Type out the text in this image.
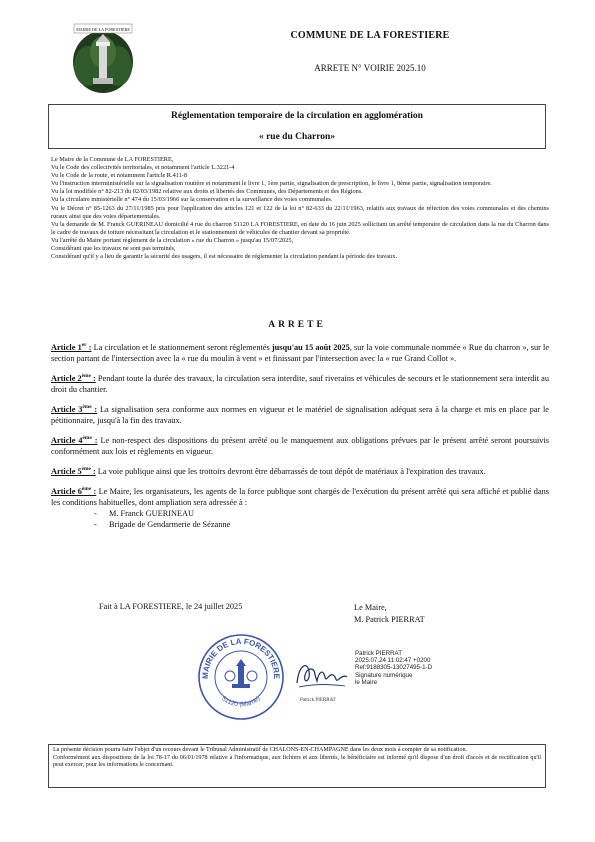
MAIRIE DE LA FORESTIERE
COMMUNE DE LA FORESTIERE
ARRETE N° VOIRIE 2025.10
Réglementation temporaire de la circulation en agglomération
« rue du Charron»

Le Maire de la Commune de LA FORESTIERE,

Vu le Code des collectivités territoriales, et notamment l'article L.3221-4

Vu le Code de la route, et notamment l'article R.411-8

Vu l'instruction interministérielle sur la signalisation routière et notamment le livre 1, 1ère partie, signalisation de prescription, le livre 1, 8ème partie, signalisation temporaire.

Vu la loi modifiée n° 82-213 du 02/03/1982 relative aux droits et libertés des Communes, des Départements et des Régions.

Vu la circulaire ministérielle n° 474 du 15/03/1966 sur la conservation et la surveillance des voies communales.

Vu le Décret n° 85-1263 du 27/11/1985 pris pour l'application des articles 121 et 122 de la loi n° 82-633 du 22/11/1963, relatifs aux travaux de réfection des voies communales et des chemins ruraux ainsi que des voies départementales.

Vu la demande de M. Franck GUERINEAU domicilié 4 rue du charron 51120 LA FORESTIERE, en date du 16 juin 2025 sollicitant un arrêté temporaire de circulation dans la rue du Charron dans le cadre de travaux de toiture nécessitant la circulation et le stationnement de véhicules de chantier devant sa propriété.

Vu l'arrêté du Maire portant règlement de la circulation « rue du Charron » jusqu'au 15/07/2025,

Considérant que les travaux ne sont pas terminés,

Considérant qu'il y a lieu de garantir la sécurité des usagers, il est nécessaire de réglementer la circulation pendant la période des travaux.

ARRETE

Article 1er : La circulation et le stationnement seront réglementés jusqu'au 15 août 2025, sur la voie communale nommée « Rue du charron », sur le section partant de l'intersection avec la « rue du moulin à vent » et finissant par l'intersection avec la « rue Grand Collot ».

Article 2ème : Pendant toute la durée des travaux, la circulation sera interdite, sauf riverains et véhicules de secours et le stationnement sera interdit au droit du chantier.

Article 3ème : La signalisation sera conforme aux normes en vigueur et le matériel de signalisation adéquat sera à la charge et mis en place par le pétitionnaire, jusqu'à la fin des travaux.

Article 4ème : Le non-respect des dispositions du présent arrêté ou le manquement aux obligations prévues par le présent arrêté seront poursuivis conformément aux lois et règlements en vigueur.

Article 5ème : La voie publique ainsi que les trottoirs devront être débarrassés de tout dépôt de matériaux à l'expiration des travaux.

Article 6ème : Le Maire, les organisateurs, les agents de la force publique sont chargés de l'exécution du présent arrêté qui sera affiché et publié dans les conditions habituelles, dont ampliation sera adressée à :

- M. Franck GUERINEAU
- Brigade de Gendarmerie de Sézanne
Fait à LA FORESTIERE, le 24 juillet 2025	Le Maire,
M. Patrick PIERRAT
MAIRIE DE LA FORESTIERE
51120 (Marne)	Patrick PIERRAT
Patrick PIERRAT
2025.07.24 11:02:47 +0200
Ref:9188305-13027495-1-D
Signature numérique
le Maire

La présente décision pourra faire l'objet d'un recours devant le Tribunal Administratif de CHALONS-EN-CHAMPAGNE dans les deux mois à compter de sa notification.

Conformément aux dispositions de la loi 78-17 du 06/01/1978 relative à l'informatique, aux fichiers et aux libertés, le bénéficiaire est informé qu'il dispose d'un droit d'accès et de rectification qu'il peut exercer, pour les informations le concernant.
